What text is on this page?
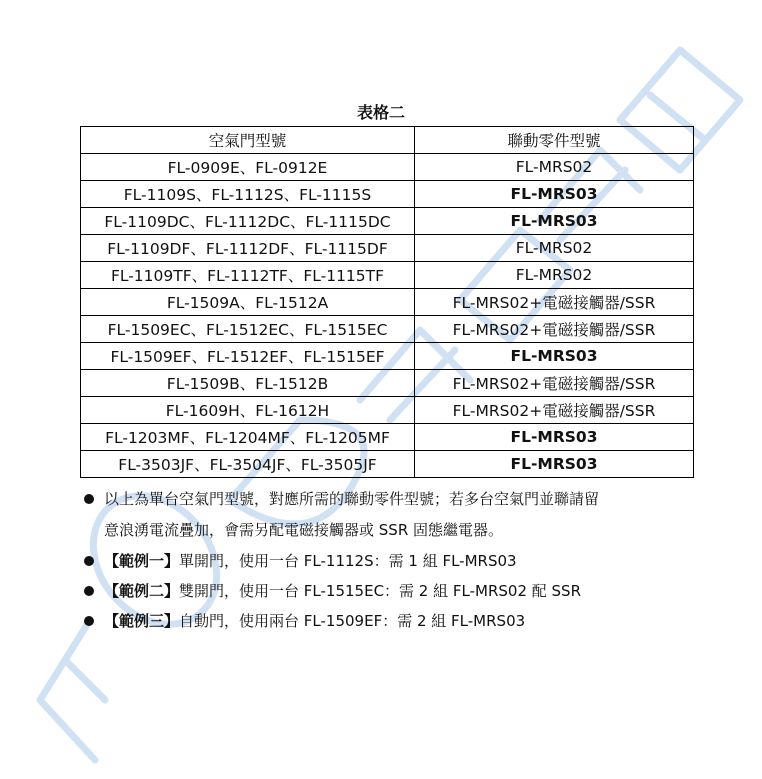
表格二
空氣門型號	聯動零件型號
FL-0909E、FL-0912E	FL-MRS02
FL-1109S、FL-1112S、FL-1115S	FL-MRS03
FL-1109DC、FL-1112DC、FL-1115DC	FL-MRS03
FL-1109DF、FL-1112DF、FL-1115DF	FL-MRS02
FL-1109TF、FL-1112TF、FL-1115TF	FL-MRS02
FL-1509A、FL-1512A	FL-MRS02+電磁接觸器/SSR
FL-1509EC、FL-1512EC、FL-1515EC	FL-MRS02+電磁接觸器/SSR
FL-1509EF、FL-1512EF、FL-1515EF	FL-MRS03
FL-1509B、FL-1512B	FL-MRS02+電磁接觸器/SSR
FL-1609H、FL-1612H	FL-MRS02+電磁接觸器/SSR
FL-1203MF、FL-1204MF、FL-1205MF	FL-MRS03
FL-3503JF、FL-3504JF、FL-3505JF	FL-MRS03
以上為單台空氣門型號，對應所需的聯動零件型號；若多台空氣門並聯請留
意浪湧電流疊加，會需另配電磁接觸器或 SSR 固態繼電器。
【範例一】單開門，使用一台 FL-1112S：需 1 組 FL-MRS03
【範例二】雙開門，使用一台 FL-1515EC：需 2 組 FL-MRS02 配 SSR
【範例三】自動門，使用兩台 FL-1509EF：需 2 組 FL-MRS03
